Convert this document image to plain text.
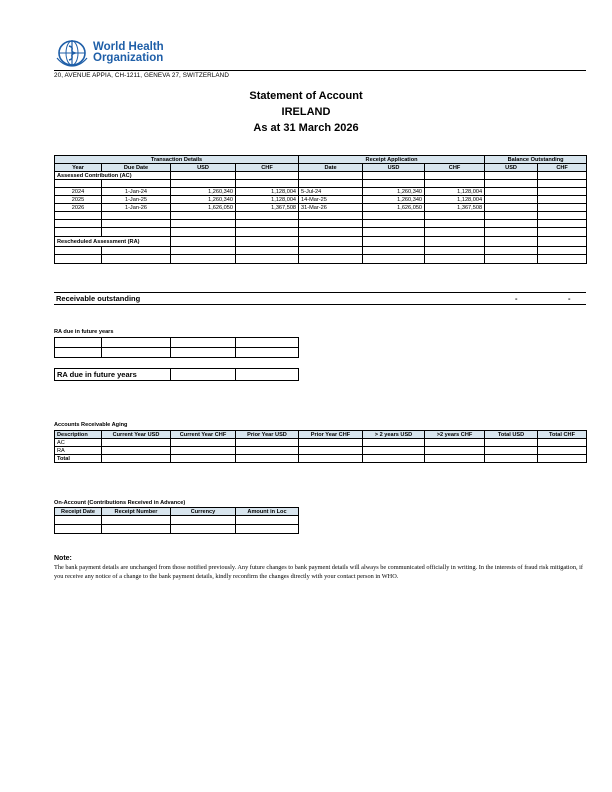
World Health
Organization
20, AVENUE APPIA, CH-1211, GENEVA 27, SWITZERLAND
Statement of Account
IRELAND
As at 31 March 2026
Transaction Details				Receipt Application			Balance Outstanding	
Year	Due Date	USD	CHF	Date	USD	CHF	USD	CHF
Assessed Contribution (AC)								

2024	1-Jan-24	1,260,340	1,128,004	5-Jul-24	1,260,340	1,128,004		
2025	1-Jan-25	1,260,340	1,128,004	14-Mar-25	1,260,340	1,128,004		
2026	1-Jan-26	1,626,050	1,367,508	31-Mar-26	1,626,050	1,367,508		

Rescheduled Assessment (RA)								

Receivable outstanding	-	-
RA due in future years

RA due in future years		
Accounts Receivable Aging
Description	Current Year USD	Current Year CHF	Prior Year USD	Prior Year CHF	> 2 years USD	>2 years CHF	Total USD	Total CHF
AC								
RA								
Total								
On-Account (Contributions Received in Advance)
Receipt Date	Receipt Number	Currency	Amount in Loc

Note:
The bank payment details are unchanged from those notified previously. Any future changes to bank payment details will always be communicated officially in writing. In the interests of fraud risk mitigation, if you receive any notice of a change to the bank payment details, kindly reconfirm the changes directly with your contact person in WHO.
